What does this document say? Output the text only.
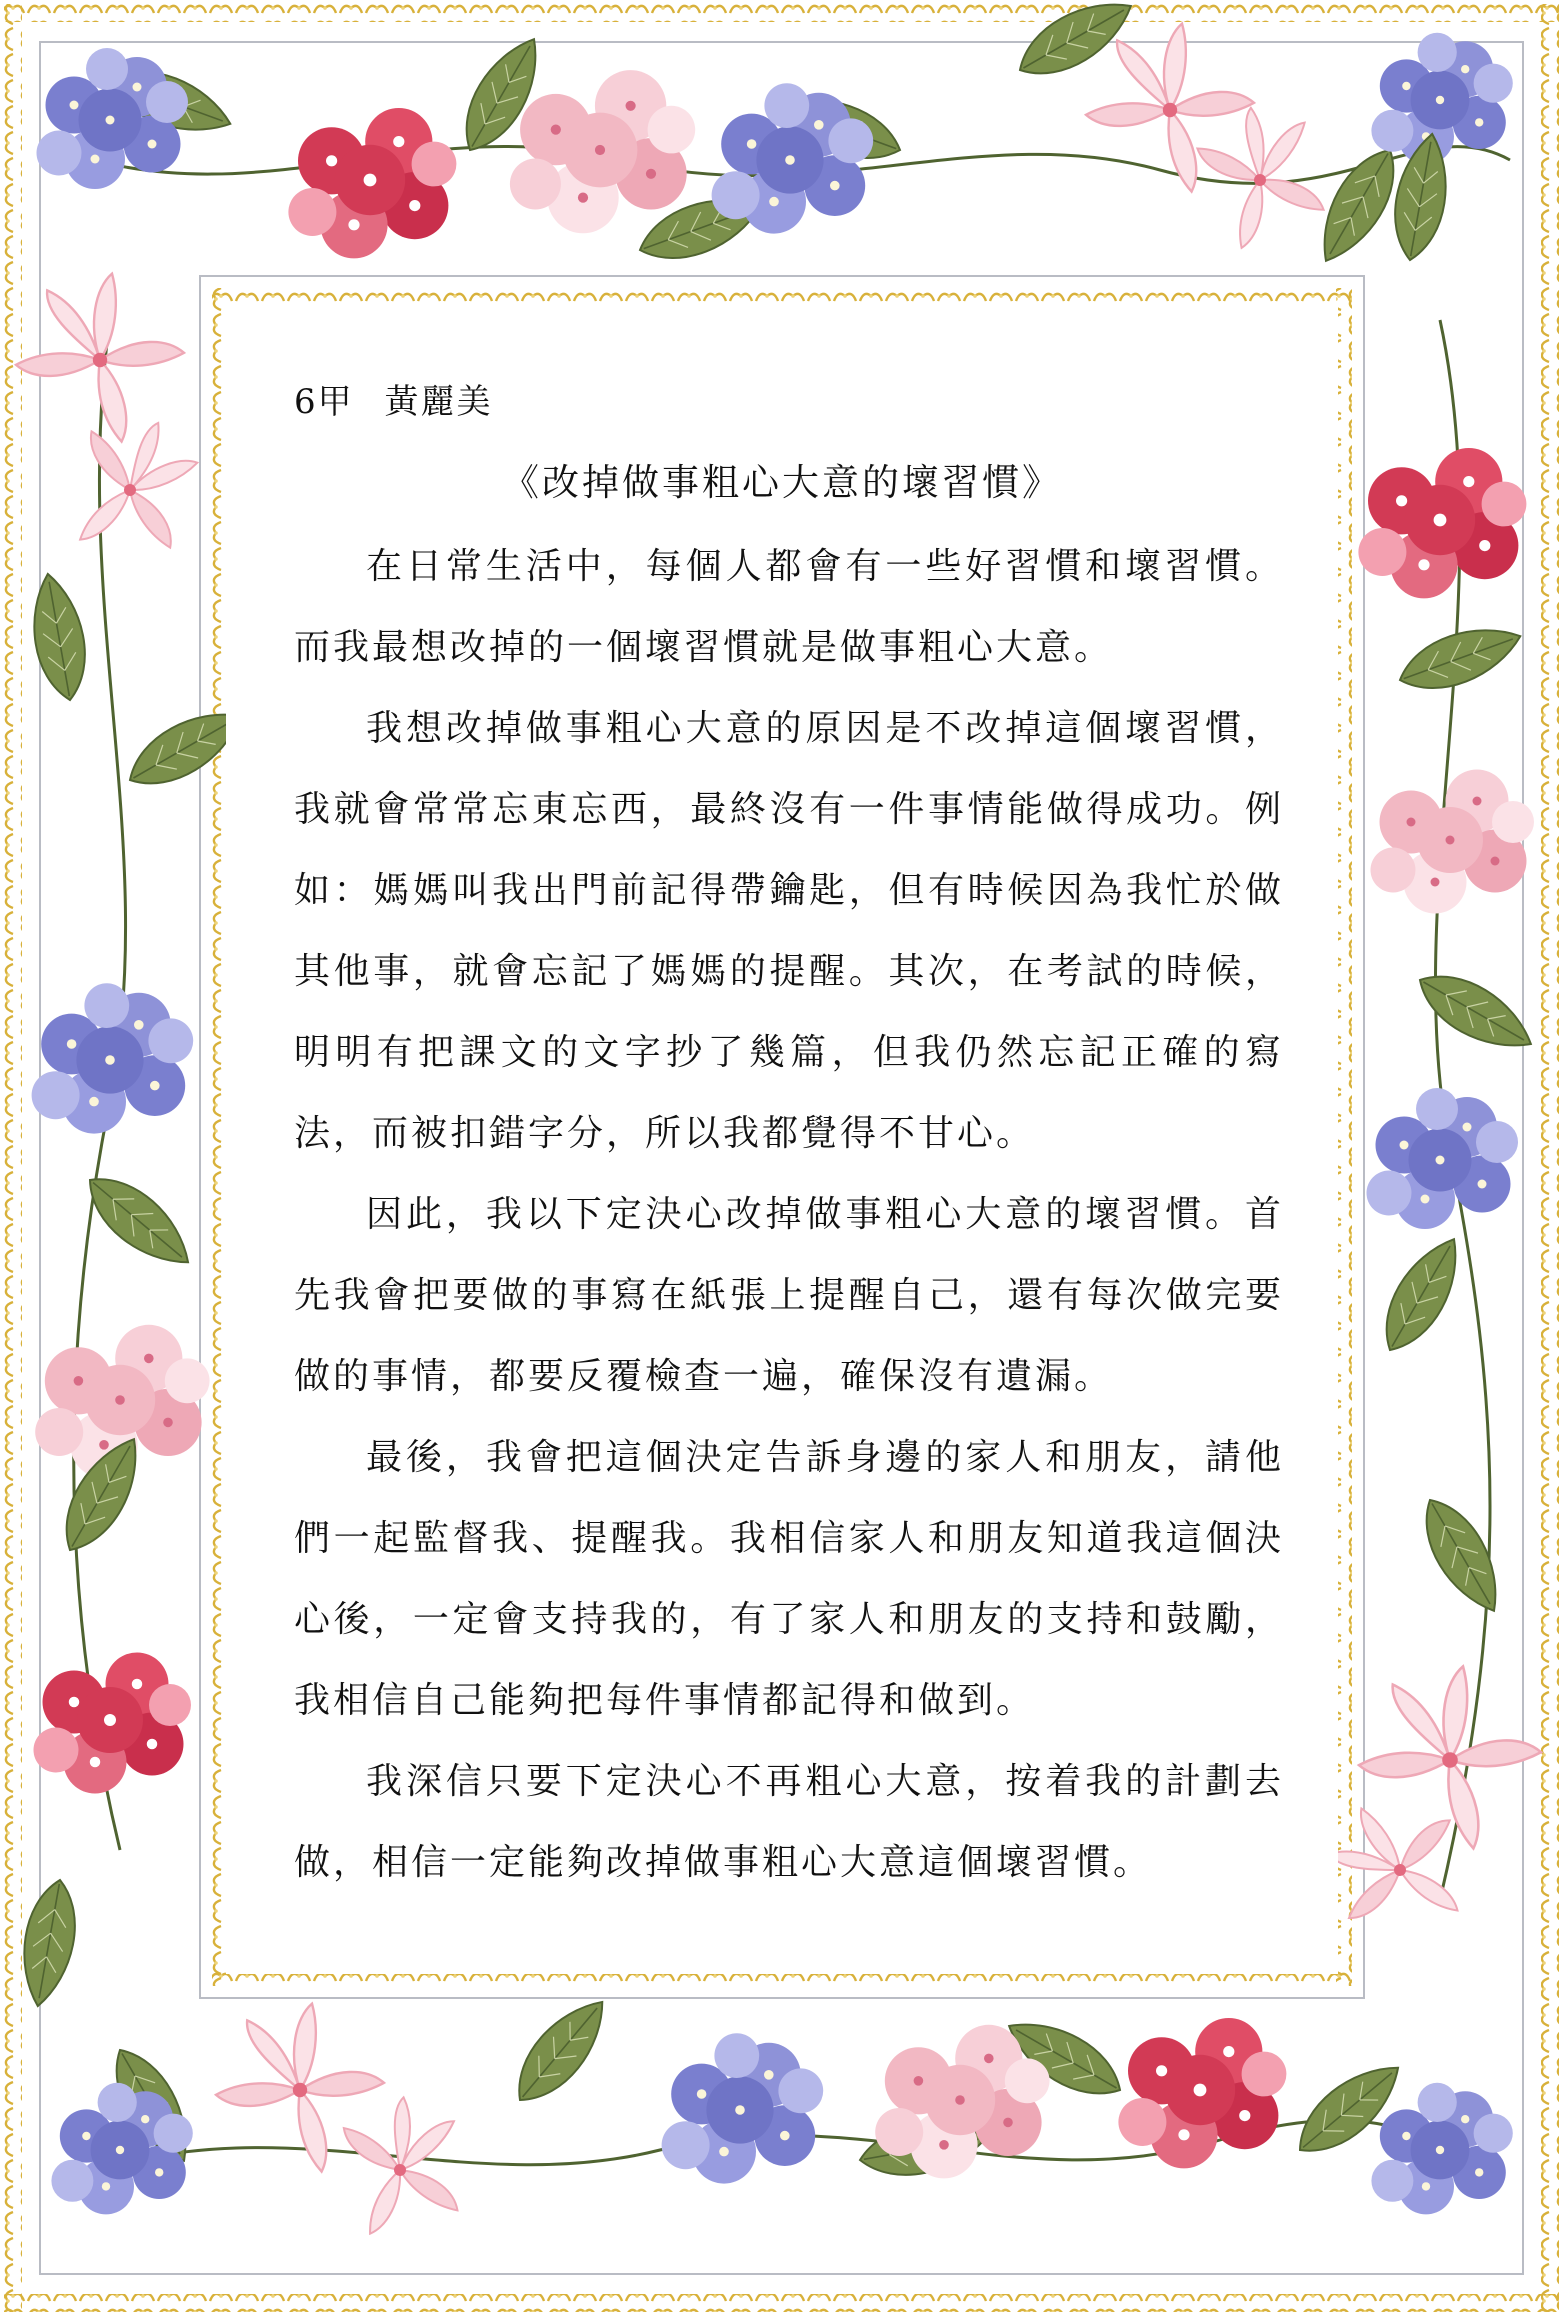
6甲 黃麗美
《改掉做事粗心大意的壞習慣》

在日常生活中，每個人都會有一些好習慣和壞習慣。而我最想改掉的一個壞習慣就是做事粗心大意。

我想改掉做事粗心大意的原因是不改掉這個壞習慣，我就會常常忘東忘西，最終沒有一件事情能做得成功。例如：媽媽叫我出門前記得帶鑰匙，但有時候因為我忙於做其他事，就會忘記了媽媽的提醒。其次，在考試的時候，明明有把課文的文字抄了幾篇，但我仍然忘記正確的寫法，而被扣錯字分，所以我都覺得不甘心。

因此，我以下定決心改掉做事粗心大意的壞習慣。首先我會把要做的事寫在紙張上提醒自己，還有每次做完要做的事情，都要反覆檢查一遍，確保沒有遺漏。

最後，我會把這個決定告訴身邊的家人和朋友，請他們一起監督我、提醒我。我相信家人和朋友知道我這個決心後，一定會支持我的，有了家人和朋友的支持和鼓勵，我相信自己能夠把每件事情都記得和做到。

我深信只要下定決心不再粗心大意，按着我的計劃去做，相信一定能夠改掉做事粗心大意這個壞習慣。
